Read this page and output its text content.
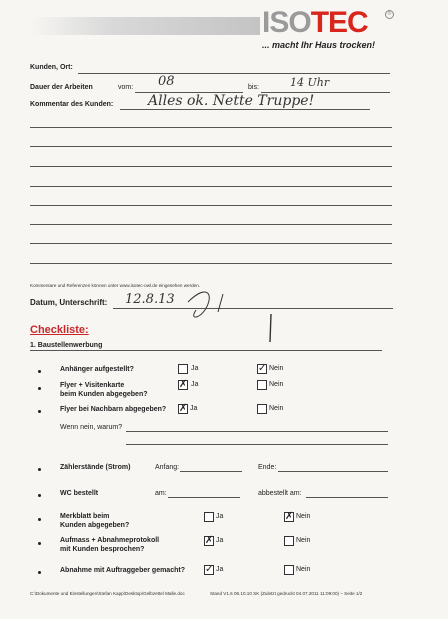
ISOTEC	®
... macht Ihr Haus trocken!
Kunden, Ort:
Dauer der Arbeiten	vom: 08	bis:	14 Uhr
Kommentar des Kunden: Alles ok. Nette Truppe!
Kommentare und Referenzen können unter www.isotec-owl.de eingesehen werden.
Datum, Unterschrift: 12.8.13
Checkliste:
1. Baustellenwerbung
Anhänger aufgestellt?	Ja	✓ Nein
Flyer + Visitenkarte
beim Kunden abgegeben?
✗ Ja	Nein
Flyer bei Nachbarn abgegeben? ✗ Ja	Nein
Wenn nein, warum?
Zählerstände (Strom)	Anfang:	Ende:
WC bestellt	am:	abbestellt am:
Merkblatt beim
Kunden abgegeben?
Ja	✗ Nein
Aufmass + Abnahmeprotokoll
mit Kunden besprochen?
✗ Ja	Nein
Abnahme mit Auftraggeber gemacht? ✓ Ja	Nein
C:\Dokumente und Einstellungen\Stefan Kapp\Desktop\Gelbzettel Malle.doc	Stand V1.6 06.10.10 SK (Zuletzt gedruckt 04.07.2011 11:09:00) – Seite 1/2
